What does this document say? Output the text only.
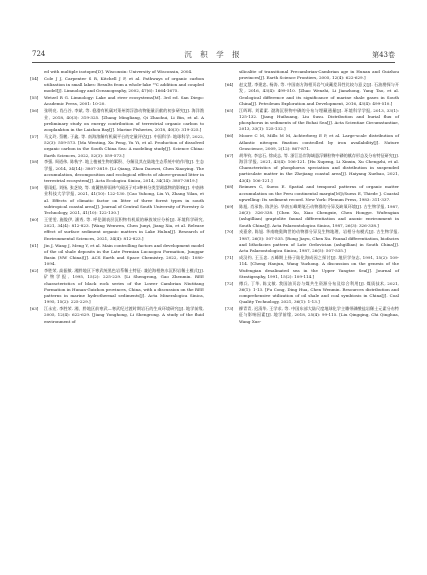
724	沉 积 学 报	第43卷
ed with multiple isotopes[D]. Wisconsin: University of Wisconsin, 2004.
[54] Cole J J, Carpenter S R, Kitchell J F, et al. Pathways of organic carbon utilization in small lakes: Results from a whole-lake ¹³C addition and coupled model[J]. Limnology and Oceanography, 2002, 47(6): 1664-1675.
[55] Wetzel R G. Limnology: Lake and river ecosystems[M]. 3rd ed. San Diego: Academic Press, 2001: 10-20.
[56] 张明亮, 肖凸谷, 李斌, 等. 稳渤有机碳对莱州湾浮游动物能量贡献的初步研究[J]. 海洋渔业, 2018, 40(3): 319-325. [Zhang Mingliang, Qi Zhaohui, Li Bin, et al. A preliminary study on energy contribution of terrestrial organic carbon to zooplankton in the Laizhou Bay[J]. Marine Fisheries, 2018, 40(3): 319-325.]
[57] 马文玲, 蔡鹏, 于鑫, 等. 南海溶解有机碳平台的定量评估[J]. 中国科学: 地球科学, 2022, 52(3): 559-573. [Ma Wenting, Xu Peng, Yu Yi, et al. Production of dissolved organic carbon in the South China Sea: A modeling study[J]. Science China: Earth Sciences, 2022, 52(3): 559-573.]
[58] 李强, 周道伟, 陈秋宇. 地上植被生物的累积、分解及其在陆地生态系统中的作用[J]. 生态学报, 2014, 34(14): 3807-3819. [Li Qiang, Zhou Daowei, Chen Xiaoying. The accumulation, decomposition and ecological effects of above-ground litter in terrestrial ecosystem[J]. Acta Ecologica Sinica, 2014, 34(14): 3807-3819.]
[59] 曹雨虹, 刘扬, 张芝姣, 等. 南麓热带雨林气候因子对3种林分类型凋落物的影响[J]. 中南林业科技大学学报, 2021, 41(10): 122-130. [Cao Yuhong, Liu Yi, Zhang Yilan, et al. Effects of climatic factor on litter of three forest types in south subtropical coastal area[J]. Journal of Central South University of Forestry & Technology, 2021, 41(10): 122-130.]
[60] 王雯雯, 施俊伊, 潘秀, 等. 呼伦湖表层沉积物有机质的释放效应分析[J]. 环境科学研究, 2021, 34(4): 812-823. [Wang Wenwen, Chen Junyi, Jiang Xia, et al. Release effect of surface sediment organic matters in Lake Hulun[J]. Research of Environmental Sciences, 2021, 34(4): 812-823.]
[61] Jin J, Wang J, Meng Y, et al. Main controlling factors and development model of the oil shale deposits in the Late Permian Lucaogou Formation, Junggar Basin (NW China)[J]. ACS Earth and Space Chemistry, 2022, 6(4): 1080-1094.
[62] 李胜荣, 高振敏. 湘黔地区下寒武统黑色岩系稀土特征: 兼论海相热水沉积岩稀土模式[J]. 矿物学报, 1995, 15(2): 225-229. [Li Shengrong, Gao Zhenmin. REE characteristics of black rock series of the Lower Cambrian Niutitang Formation in Hunan-Guizhou provinces, China, with a discussion on the REE patterns in marine hydrothermal sediments[J]. Acta Mineralogica Sinica, 1995, 15(2): 225-229.]
[63] 江永宏, 李胜荣. 湘、黔地区前寒武—寒武纪过渡时期岩石的生成环境研究[J]. 地学前缘, 2005, 12(4): 622-629. [Jiang Yonghong, Li Shengrong. A study of the fluid environment of
silicalite of transitional Precambrian-Cambrian age in Hunan and Guizhou provinces[J]. Earth Science Frontiers, 2005, 12(4): 622-629.]
[64] 赵文慧, 李建忠, 杨涛, 等. 中国南方海相页岩气成藏差异性比较与意义[J]. 石油勘探与开发, 2016, 43(4): 499-510. [Zhao Wenzhi, Li Jianzhong, Yang Tao, et al. Geological difference and its significance of marine shale gases in South China[J]. Petroleum Exploration and Development, 2016, 43(4): 499-510.]
[65] 江晖晖, 刘素素. 渤海沉积物中磷的分布与埋藏通量[J]. 环境科学学报, 2013, 33(1): 125-132. [Jiang Huihuang, Liu Susu. Distribution and burial flux of phosphorus in sediments of the Bohai Sea[J]. Acta Scientiae Circumstantiae, 2013, 33(1): 125-132.]
[66] Moore C M, Mills M M, Achterberg E P, et al. Large-scale distribution of Atlantic nitrogen fixation controlled by iron availability[J]. Nature Geoscience, 2009, 2(12): 867-871.
[67] 胡华钧, 李忠石, 徐成志, 等. 浙江沿岸海域悬浮颗粒物中磷的赋存形态及分布特征研究[J]. 海洋学报, 2021, 43(4): 106-121. [Hu Xupeng, Li Xinxin, Xu Chengzhi, et al. Characteristics of phosphorus speciation and distribution in suspended particulate matter in the Zhejiang coastal area[J]. Haiyang Xuebao, 2021, 43(4): 106-121.]
[68] Reimers C, Suess E. Spatial and temporal patterns of organic matter accumulation on the Peru continental margin[M]//Suess E, Thiede J. Coastal upwelling: Its sediment record. New York: Plenum Press, 1983: 311-337.
[69] 陈旭, 肖承协, 陈洪冶. 华南五峰期笔石动物群的分异及缺氧环境[J]. 古生物学报, 1987, 26(3): 326-338. [Chen Xu, Xiao Chengxie, Chen Hongye. Wufengian (ashgillian) graptolite faunal differentiation and anoxic environment in South China[J]. Acta Palaeontologica Sinica, 1987, 26(3): 326-338.]
[70] 戎嘉余, 陈旭. 华南晚奥陶世的动物群分异及生物地理、岩相分布模式[J]. 古生物学报, 1987, 26(5): 507-535. [Rong Jiayu, Chen Xu. Faunal differentiation, biofacies and lithofacies pattern of Late Ordovician (ashgillian) in South China[J]. Acta Palaeontologica Sinica, 1987, 26(5): 507-535.]
[71] 成汉钧, 王玉忠. 五峰期上扬子陆化海成因之探讨[J]. 地层学杂志, 1991, 15(2): 109-114. [Cheng Hanjun, Wang Yuzhong. A discussion on the genesis of the Wufengian desalinated sea in the Upper Yangtze Sea[J]. Journal of Stratigraphy, 1991, 15(2): 109-114.]
[72] 傅兵, 丁华, 陈文敏. 我国油页岩与煤共生资源分布及综合利用[J]. 煤质技术, 2021, 36(1): 1-13. [Fu Cong, Ding Hua, Chen Wenmin. Resources distribution and comprehensive utilization of oil shale and coal symbiosis in China[J]. Coal Quality Technology, 2021, 36(1): 1-13.]
[73] 柳青青, 迟清华, 王学求, 等. 中国东部大陆尺度地球化学主雕带磷酸盐岩稀土元素分布特征与影响因素[J]. 地学前缘, 2018, 25(4): 99-115. [Liu Qingqing, Chi Qinghua, Wang Xue-
